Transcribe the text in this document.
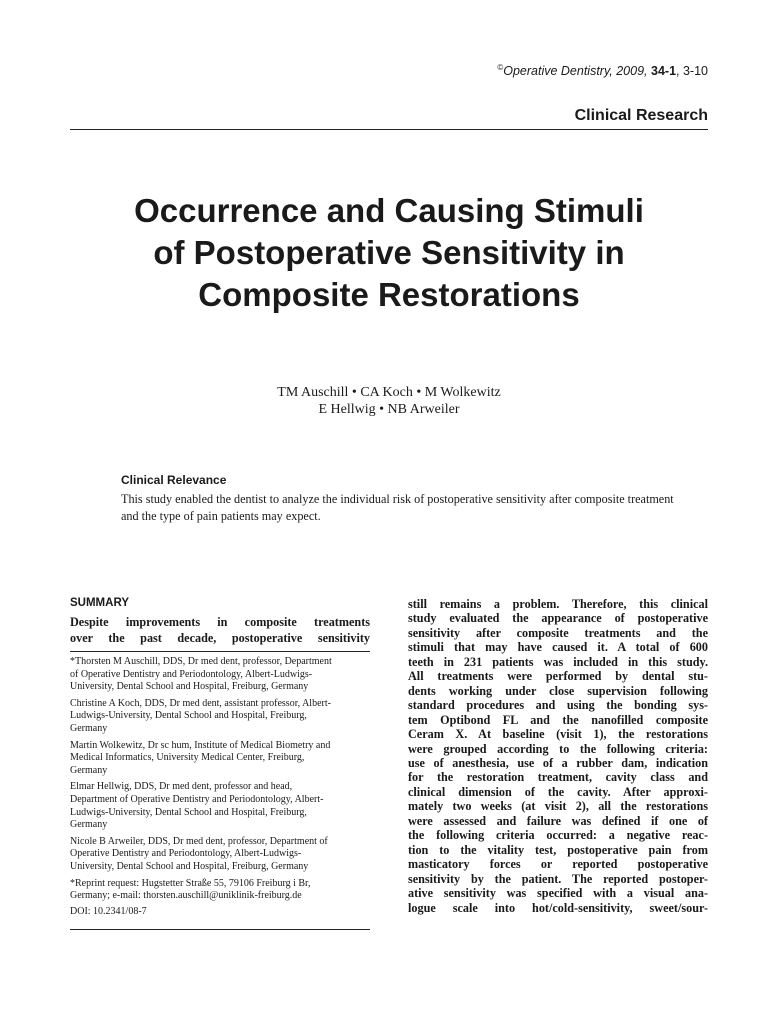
©Operative Dentistry, 2009, 34-1, 3-10
Clinical Research
Occurrence and Causing Stimuli
of Postoperative Sensitivity in
Composite Restorations
TM Auschill • CA Koch • M Wolkewitz
E Hellwig • NB Arweiler
Clinical Relevance
This study enabled the dentist to analyze the individual risk of postoperative sensitivity after composite treatment and the type of pain patients may expect.
SUMMARY
Despite improvements in composite treatments
over the past decade, postoperative sensitivity
*Thorsten M Auschill, DDS, Dr med dent, professor, Department
of Operative Dentistry and Periodontology, Albert-Ludwigs-
University, Dental School and Hospital, Freiburg, Germany
Christine A Koch, DDS, Dr med dent, assistant professor, Albert-
Ludwigs-University, Dental School and Hospital, Freiburg,
Germany
Martin Wolkewitz, Dr sc hum, Institute of Medical Biometry and
Medical Informatics, University Medical Center, Freiburg,
Germany
Elmar Hellwig, DDS, Dr med dent, professor and head,
Department of Operative Dentistry and Periodontology, Albert-
Ludwigs-University, Dental School and Hospital, Freiburg,
Germany
Nicole B Arweiler, DDS, Dr med dent, professor, Department of
Operative Dentistry and Periodontology, Albert-Ludwigs-
University, Dental School and Hospital, Freiburg, Germany
*Reprint request: Hugstetter Straße 55, 79106 Freiburg i Br,
Germany; e-mail: thorsten.auschill@uniklinik-freiburg.de
DOI: 10.2341/08-7
still remains a problem. Therefore, this clinical
study evaluated the appearance of postoperative
sensitivity after composite treatments and the
stimuli that may have caused it. A total of 600
teeth in 231 patients was included in this study.
All treatments were performed by dental stu-
dents working under close supervision following
standard procedures and using the bonding sys-
tem Optibond FL and the nanofilled composite
Ceram X. At baseline (visit 1), the restorations
were grouped according to the following criteria:
use of anesthesia, use of a rubber dam, indication
for the restoration treatment, cavity class and
clinical dimension of the cavity. After approxi-
mately two weeks (at visit 2), all the restorations
were assessed and failure was defined if one of
the following criteria occurred: a negative reac-
tion to the vitality test, postoperative pain from
masticatory forces or reported postoperative
sensitivity by the patient. The reported postoper-
ative sensitivity was specified with a visual ana-
logue scale into hot/cold-sensitivity, sweet/sour-
